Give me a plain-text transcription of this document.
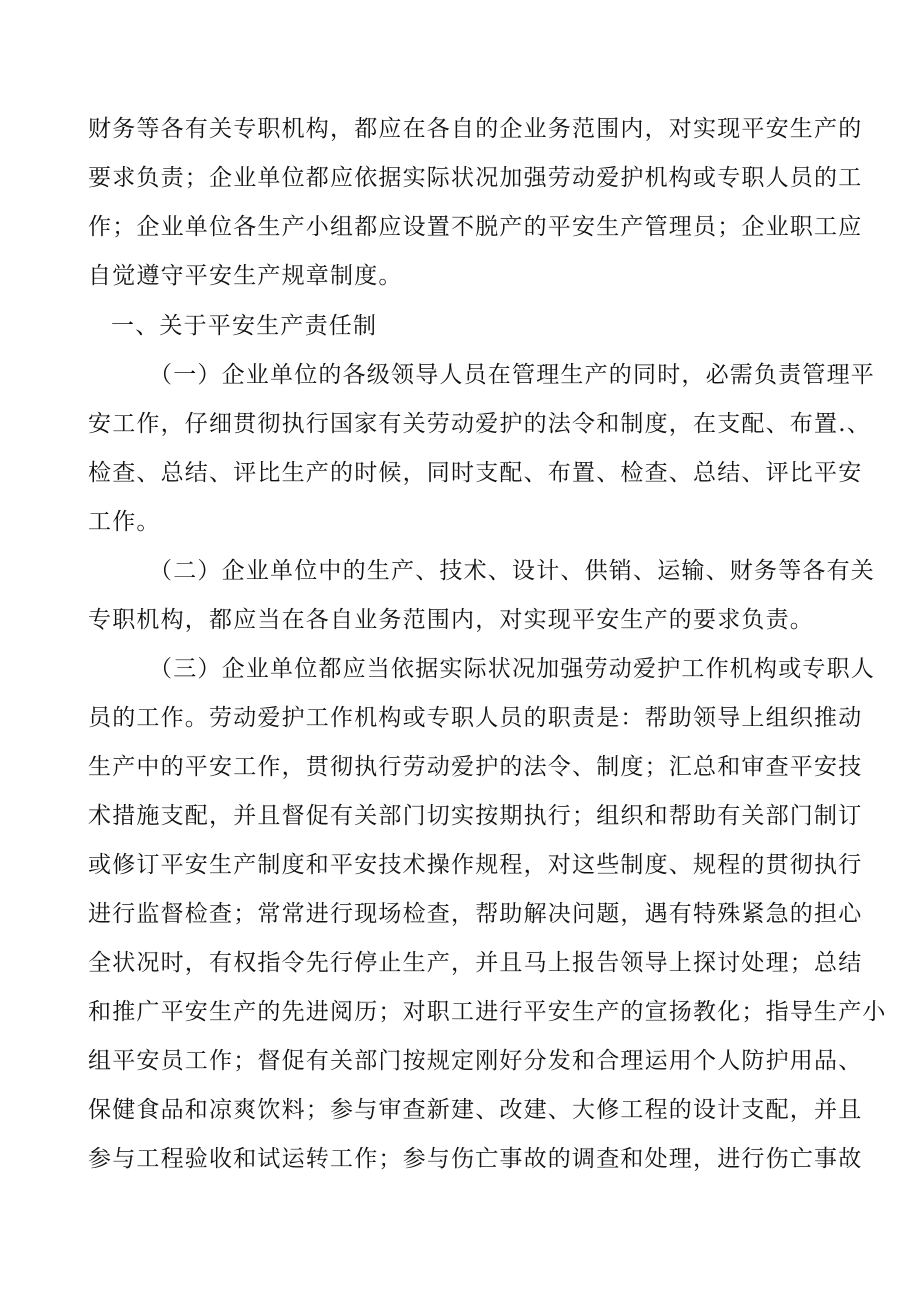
财务等各有关专职机构，都应在各自的企业务范围内，对实现平安生产的
要求负责；企业单位都应依据实际状况加强劳动爱护机构或专职人员的工
作；企业单位各生产小组都应设置不脱产的平安生产管理员；企业职工应
自觉遵守平安生产规章制度。
一、关于平安生产责任制
（一）企业单位的各级领导人员在管理生产的同时，必需负责管理平
安工作，仔细贯彻执行国家有关劳动爱护的法令和制度，在支配、布置.、
检查、总结、评比生产的时候，同时支配、布置、检查、总结、评比平安
工作。
（二）企业单位中的生产、技术、设计、供销、运输、财务等各有关
专职机构，都应当在各自业务范围内，对实现平安生产的要求负责。
（三）企业单位都应当依据实际状况加强劳动爱护工作机构或专职人
员的工作。劳动爱护工作机构或专职人员的职责是：帮助领导上组织推动
生产中的平安工作，贯彻执行劳动爱护的法令、制度；汇总和审查平安技
术措施支配，并且督促有关部门切实按期执行；组织和帮助有关部门制订
或修订平安生产制度和平安技术操作规程，对这些制度、规程的贯彻执行
进行监督检查；常常进行现场检查，帮助解决问题，遇有特殊紧急的担心
全状况时，有权指令先行停止生产，并且马上报告领导上探讨处理；总结
和推广平安生产的先进阅历；对职工进行平安生产的宣扬教化；指导生产小
组平安员工作；督促有关部门按规定刚好分发和合理运用个人防护用品、
保健食品和凉爽饮料；参与审查新建、改建、大修工程的设计支配，并且
参与工程验收和试运转工作；参与伤亡事故的调查和处理，进行伤亡事故
